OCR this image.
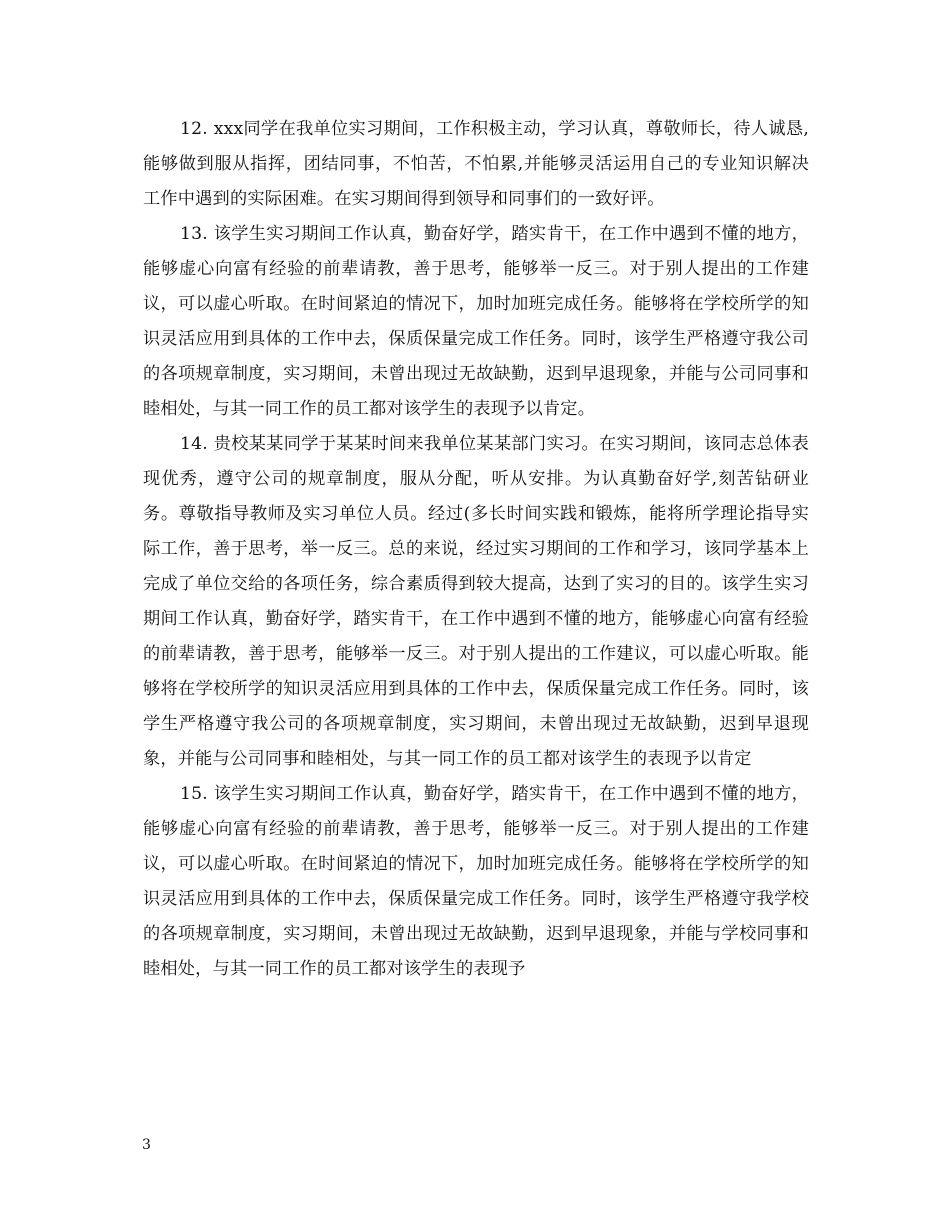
12. xxx同学在我单位实习期间，工作积极主动，学习认真，尊敬师长，待人诚恳,能够做到服从指挥，团结同事，不怕苦，不怕累,并能够灵活运用自己的专业知识解决工作中遇到的实际困难。在实习期间得到领导和同事们的一致好评。

13. 该学生实习期间工作认真，勤奋好学，踏实肯干，在工作中遇到不懂的地方，能够虚心向富有经验的前辈请教，善于思考，能够举一反三。对于别人提出的工作建议，可以虚心听取。在时间紧迫的情况下，加时加班完成任务。能够将在学校所学的知识灵活应用到具体的工作中去，保质保量完成工作任务。同时，该学生严格遵守我公司的各项规章制度，实习期间，未曾出现过无故缺勤，迟到早退现象，并能与公司同事和睦相处，与其一同工作的员工都对该学生的表现予以肯定。

14. 贵校某某同学于某某时间来我单位某某部门实习。在实习期间，该同志总体表现优秀，遵守公司的规章制度，服从分配，听从安排。为认真勤奋好学,刻苦钻研业务。尊敬指导教师及实习单位人员。经过(多长时间实践和锻炼，能将所学理论指导实际工作，善于思考，举一反三。总的来说，经过实习期间的工作和学习，该同学基本上完成了单位交给的各项任务，综合素质得到较大提高，达到了实习的目的。该学生实习期间工作认真，勤奋好学，踏实肯干，在工作中遇到不懂的地方，能够虚心向富有经验的前辈请教，善于思考，能够举一反三。对于别人提出的工作建议，可以虚心听取。能够将在学校所学的知识灵活应用到具体的工作中去，保质保量完成工作任务。同时，该学生严格遵守我公司的各项规章制度，实习期间，未曾出现过无故缺勤，迟到早退现象，并能与公司同事和睦相处，与其一同工作的员工都对该学生的表现予以肯定

15. 该学生实习期间工作认真，勤奋好学，踏实肯干，在工作中遇到不懂的地方，能够虚心向富有经验的前辈请教，善于思考，能够举一反三。对于别人提出的工作建议，可以虚心听取。在时间紧迫的情况下，加时加班完成任务。能够将在学校所学的知识灵活应用到具体的工作中去，保质保量完成工作任务。同时，该学生严格遵守我学校的各项规章制度，实习期间，未曾出现过无故缺勤，迟到早退现象，并能与学校同事和睦相处，与其一同工作的员工都对该学生的表现予

3
